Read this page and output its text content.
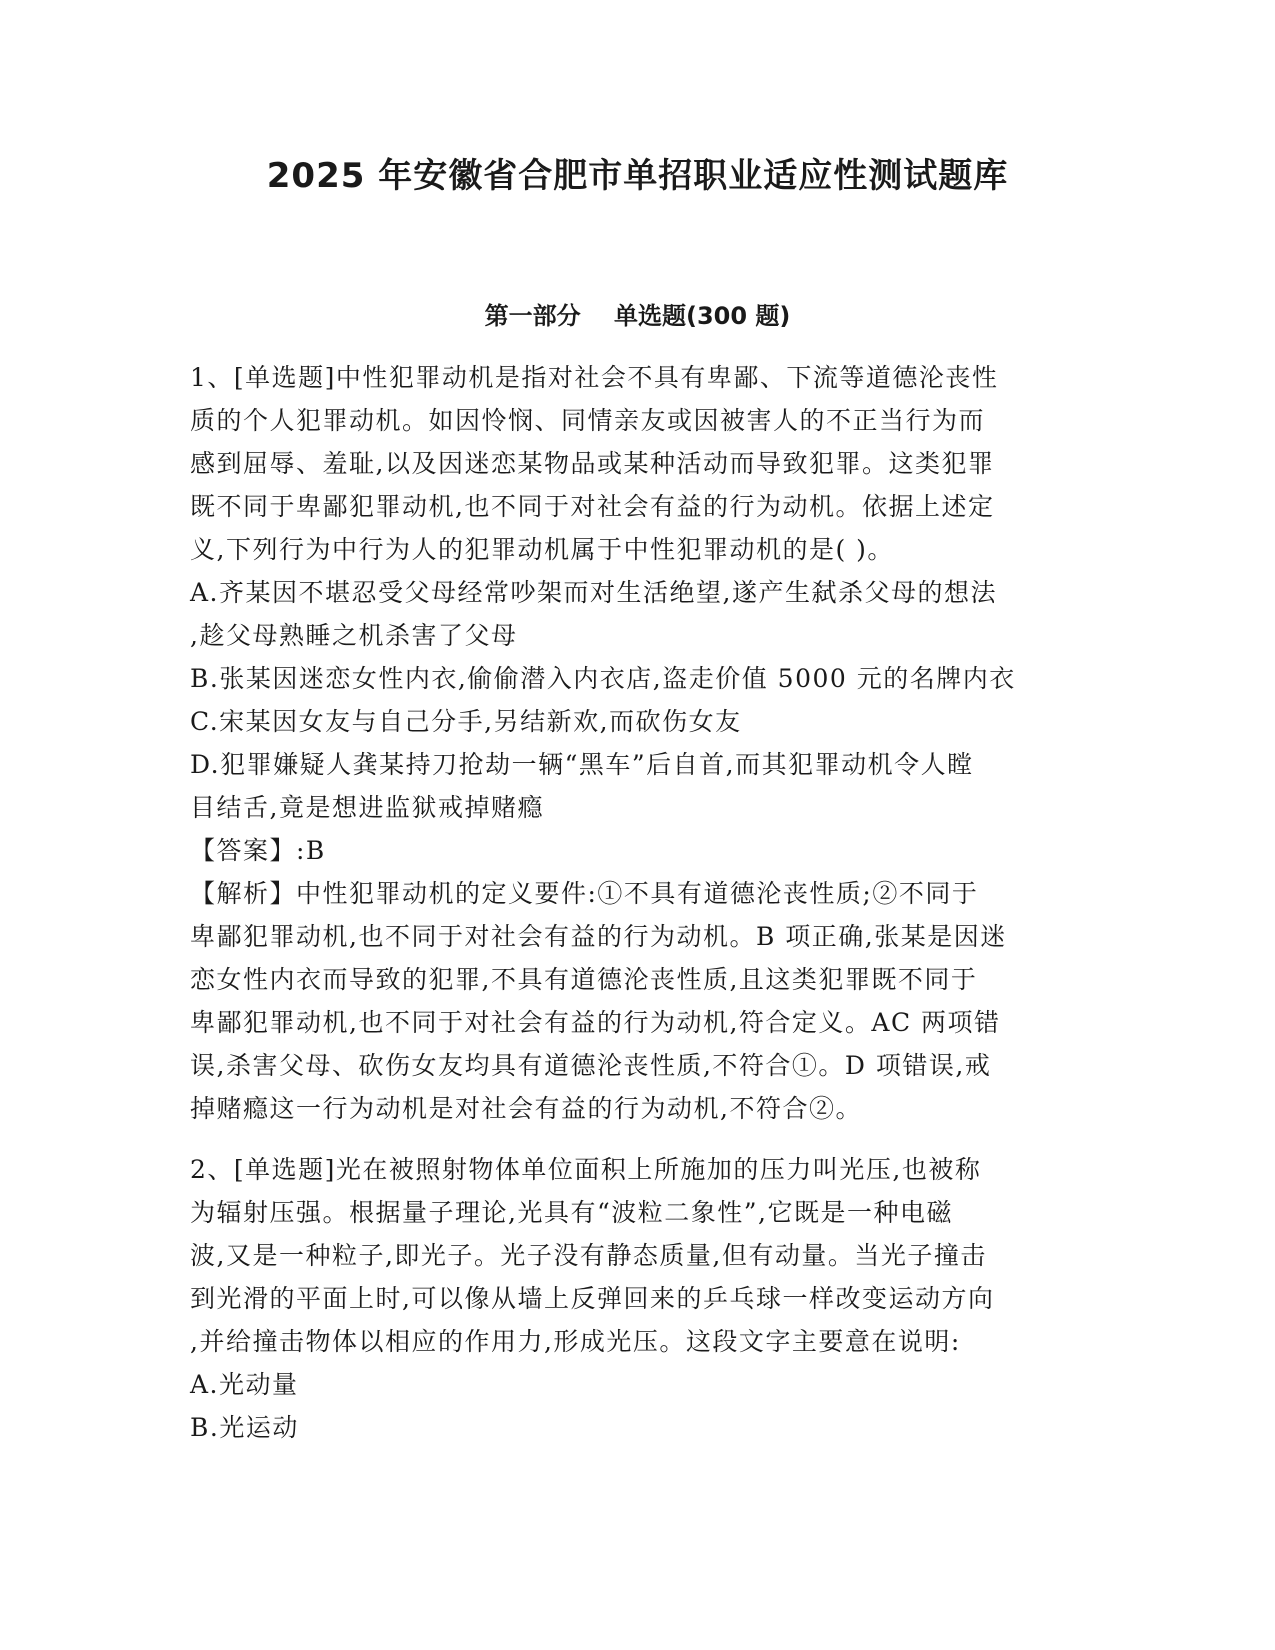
2025 年安徽省合肥市单招职业适应性测试题库
第一部分    单选题(300 题)
1、[单选题]中性犯罪动机是指对社会不具有卑鄙、下流等道德沦丧性
质的个人犯罪动机。如因怜悯、同情亲友或因被害人的不正当行为而
感到屈辱、羞耻,以及因迷恋某物品或某种活动而导致犯罪。这类犯罪
既不同于卑鄙犯罪动机,也不同于对社会有益的行为动机。依据上述定
义,下列行为中行为人的犯罪动机属于中性犯罪动机的是( )。
A.齐某因不堪忍受父母经常吵架而对生活绝望,遂产生弑杀父母的想法
,趁父母熟睡之机杀害了父母
B.张某因迷恋女性内衣,偷偷潜入内衣店,盗走价值 5000 元的名牌内衣
C.宋某因女友与自己分手,另结新欢,而砍伤女友
D.犯罪嫌疑人龚某持刀抢劫一辆“黑车”后自首,而其犯罪动机令人瞠
目结舌,竟是想进监狱戒掉赌瘾
【答案】:B
【解析】中性犯罪动机的定义要件:①不具有道德沦丧性质;②不同于
卑鄙犯罪动机,也不同于对社会有益的行为动机。B 项正确,张某是因迷
恋女性内衣而导致的犯罪,不具有道德沦丧性质,且这类犯罪既不同于
卑鄙犯罪动机,也不同于对社会有益的行为动机,符合定义。AC 两项错
误,杀害父母、砍伤女友均具有道德沦丧性质,不符合①。D 项错误,戒
掉赌瘾这一行为动机是对社会有益的行为动机,不符合②。
2、[单选题]光在被照射物体单位面积上所施加的压力叫光压,也被称
为辐射压强。根据量子理论,光具有“波粒二象性”,它既是一种电磁
波,又是一种粒子,即光子。光子没有静态质量,但有动量。当光子撞击
到光滑的平面上时,可以像从墙上反弹回来的乒乓球一样改变运动方向
,并给撞击物体以相应的作用力,形成光压。这段文字主要意在说明:
A.光动量
B.光运动
